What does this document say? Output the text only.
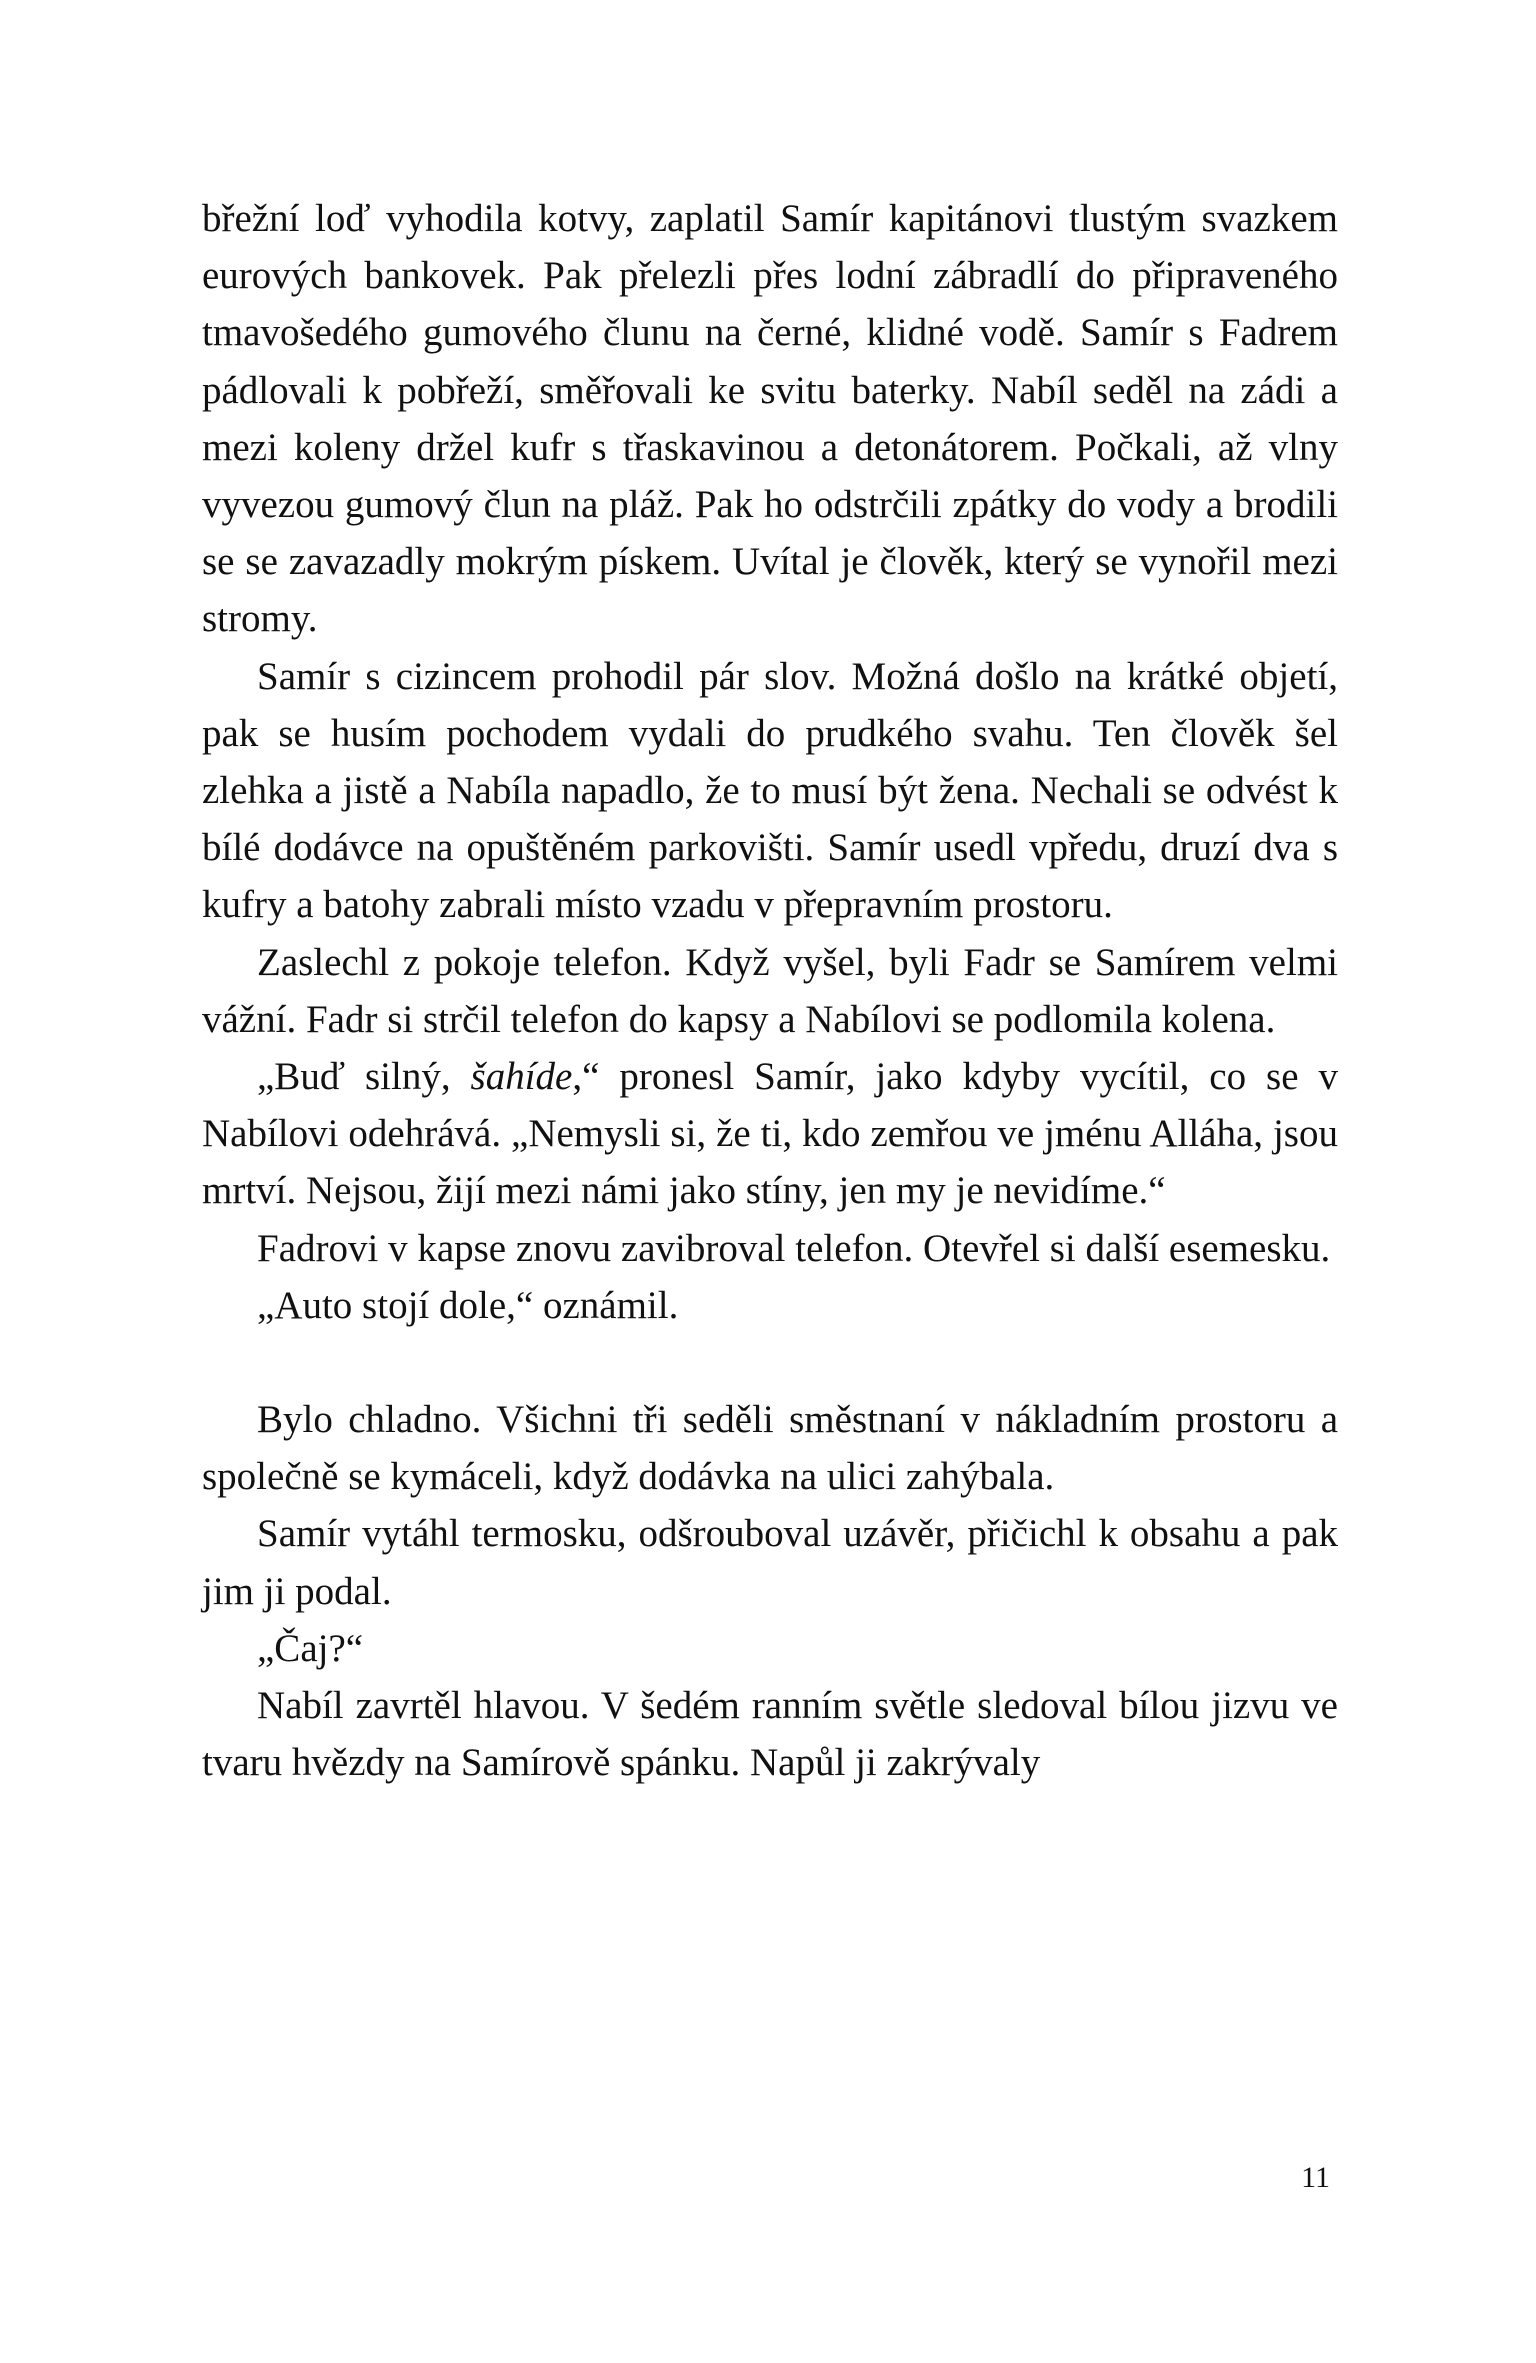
břežní loď vyhodila kotvy, zaplatil Samír kapitánovi tlustým svazkem eurových bankovek. Pak přelezli přes lodní zábradlí do připraveného tmavošedého gumového člunu na černé, klidné vodě. Samír s Fadrem pádlovali k pobřeží, směřovali ke svitu baterky. Nabíl seděl na zádi a mezi koleny držel kufr s třaskavinou a detonátorem. Počkali, až vlny vyvezou gumový člun na pláž. Pak ho odstrčili zpátky do vody a brodili se se zavazadly mokrým pískem. Uvítal je člověk, který se vynořil mezi stromy.

Samír s cizincem prohodil pár slov. Možná došlo na krátké objetí, pak se husím pochodem vydali do prudkého svahu. Ten člověk šel zlehka a jistě a Nabíla napadlo, že to musí být žena. Nechali se odvést k bílé dodávce na opuštěném parkovišti. Samír usedl vpředu, druzí dva s kufry a batohy zabrali místo vzadu v přepravním prostoru.

Zaslechl z pokoje telefon. Když vyšel, byli Fadr se Samírem velmi vážní. Fadr si strčil telefon do kapsy a Nabílovi se podlomila kolena.

„Buď silný, šahíde,“ pronesl Samír, jako kdyby vycítil, co se v Nabílovi odehrává. „Nemysli si, že ti, kdo zemřou ve jménu Alláha, jsou mrtví. Nejsou, žijí mezi námi jako stíny, jen my je nevidíme.“

Fadrovi v kapse znovu zavibroval telefon. Otevřel si další esemesku.

„Auto stojí dole,“ oznámil.

Bylo chladno. Všichni tři seděli směstnaní v nákladním prostoru a společně se kymáceli, když dodávka na ulici zahýbala.

Samír vytáhl termosku, odšrouboval uzávěr, přičichl k obsahu a pak jim ji podal.

„Čaj?“

Nabíl zavrtěl hlavou. V šedém ranním světle sledoval bílou jizvu ve tvaru hvězdy na Samírově spánku. Napůl ji zakrývaly

11
